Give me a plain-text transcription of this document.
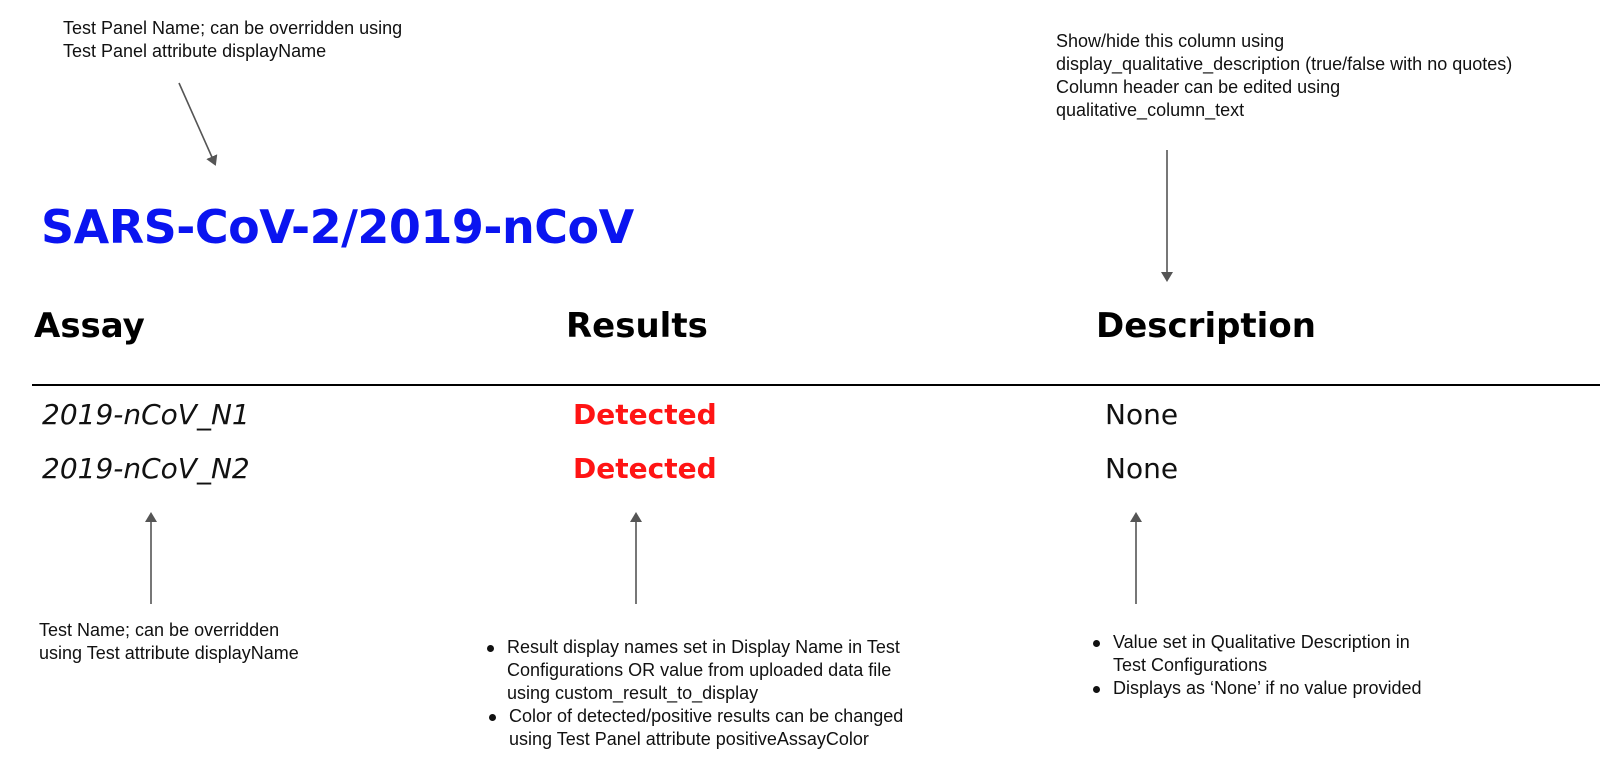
Test Panel Name; can be overridden using
Test Panel attribute displayName	Show/hide this column using
display_qualitative_description (true/false with no quotes)
Column header can be edited using
qualitative_column_text
SARS-CoV-2/2019-nCoV
Assay	Results	Description
2019-nCoV_N1	Detected	None
2019-nCoV_N2	Detected	None
Test Name; can be overridden
using Test attribute displayName	Result display names set in Display Name in Test
Configurations OR value from uploaded data file
using custom_result_to_display
Color of detected/positive results can be changed
using Test Panel attribute positiveAssayColor
Value set in Qualitative Description in
Test Configurations
Displays as ‘None’ if no value provided
